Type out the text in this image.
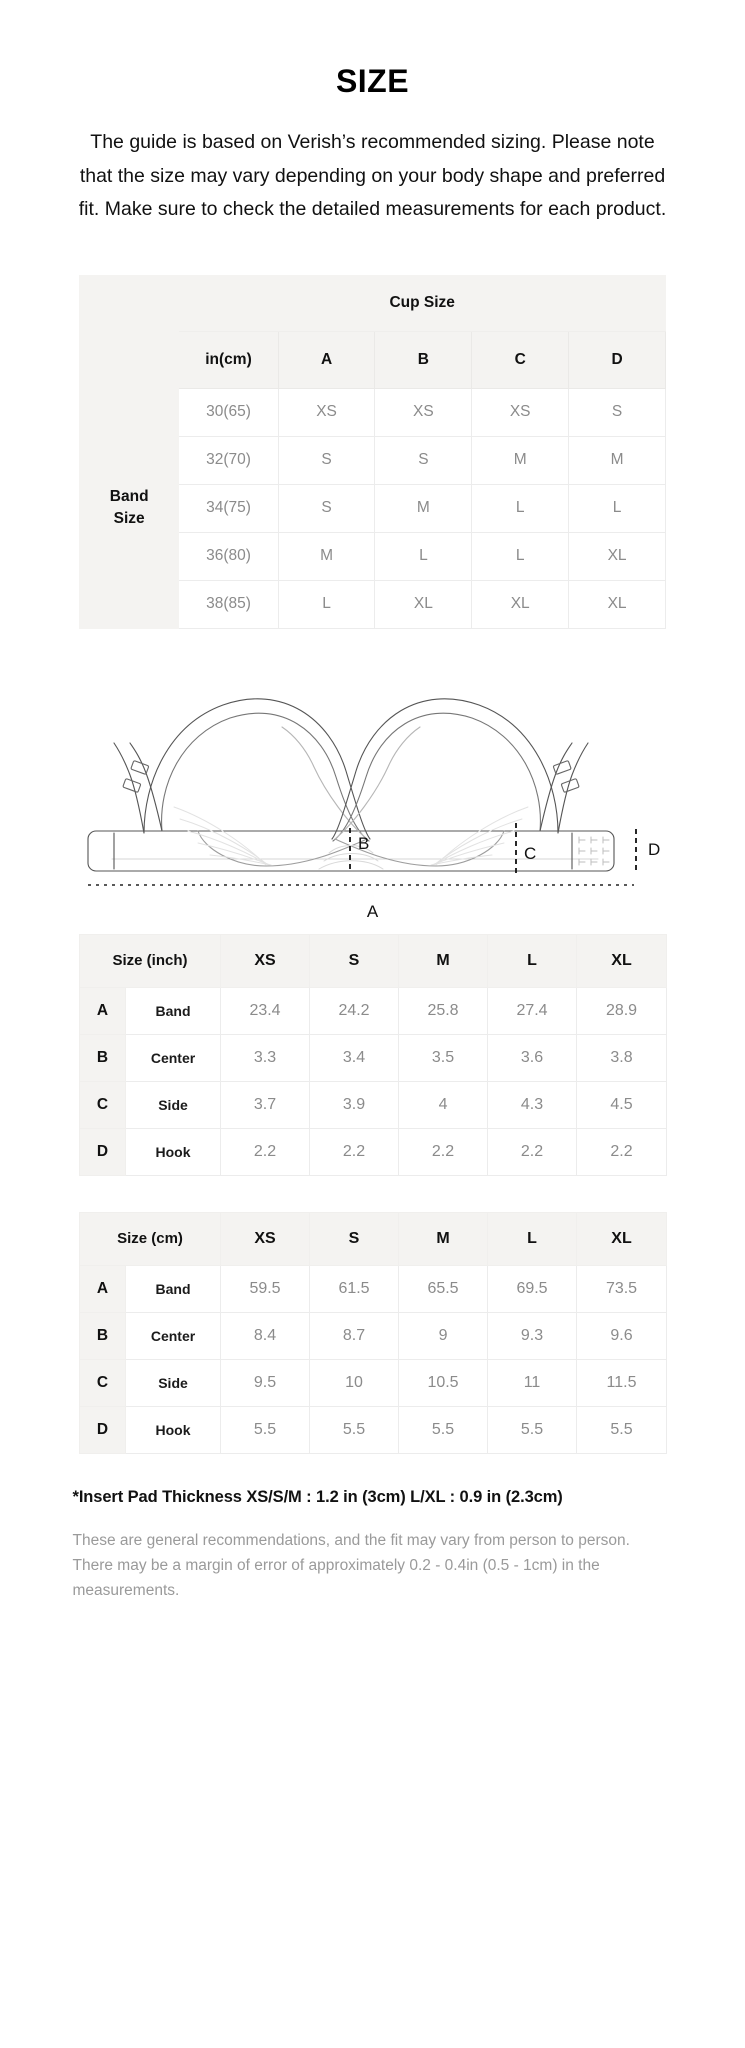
SIZE

The guide is based on Verish’s recommended sizing. Please note that the size may vary depending on your body shape and preferred fit. Make sure to check the detailed measurements for each product.

	Cup Size				
	in(cm)	A	B	C	D
Band
Size	30(65)	XS	XS	XS	S
	32(70)	S	S	M	M
	34(75)	S	M	L	L
	36(80)	M	L	L	XL
	38(85)	L	XL	XL	XL
B
C	D
A
Size (inch)		XS	S	M	L	XL
A	Band	23.4	24.2	25.8	27.4	28.9
B	Center	3.3	3.4	3.5	3.6	3.8
C	Side	3.7	3.9	4	4.3	4.5
D	Hook	2.2	2.2	2.2	2.2	2.2
Size (cm)		XS	S	M	L	XL
A	Band	59.5	61.5	65.5	69.5	73.5
B	Center	8.4	8.7	9	9.3	9.6
C	Side	9.5	10	10.5	11	11.5
D	Hook	5.5	5.5	5.5	5.5	5.5

*Insert Pad Thickness XS/S/M : 1.2 in (3cm) L/XL : 0.9 in (2.3cm)

These are general recommendations, and the fit may vary from person to person. There may be a margin of error of approximately 0.2 - 0.4in (0.5 - 1cm) in the measurements.
